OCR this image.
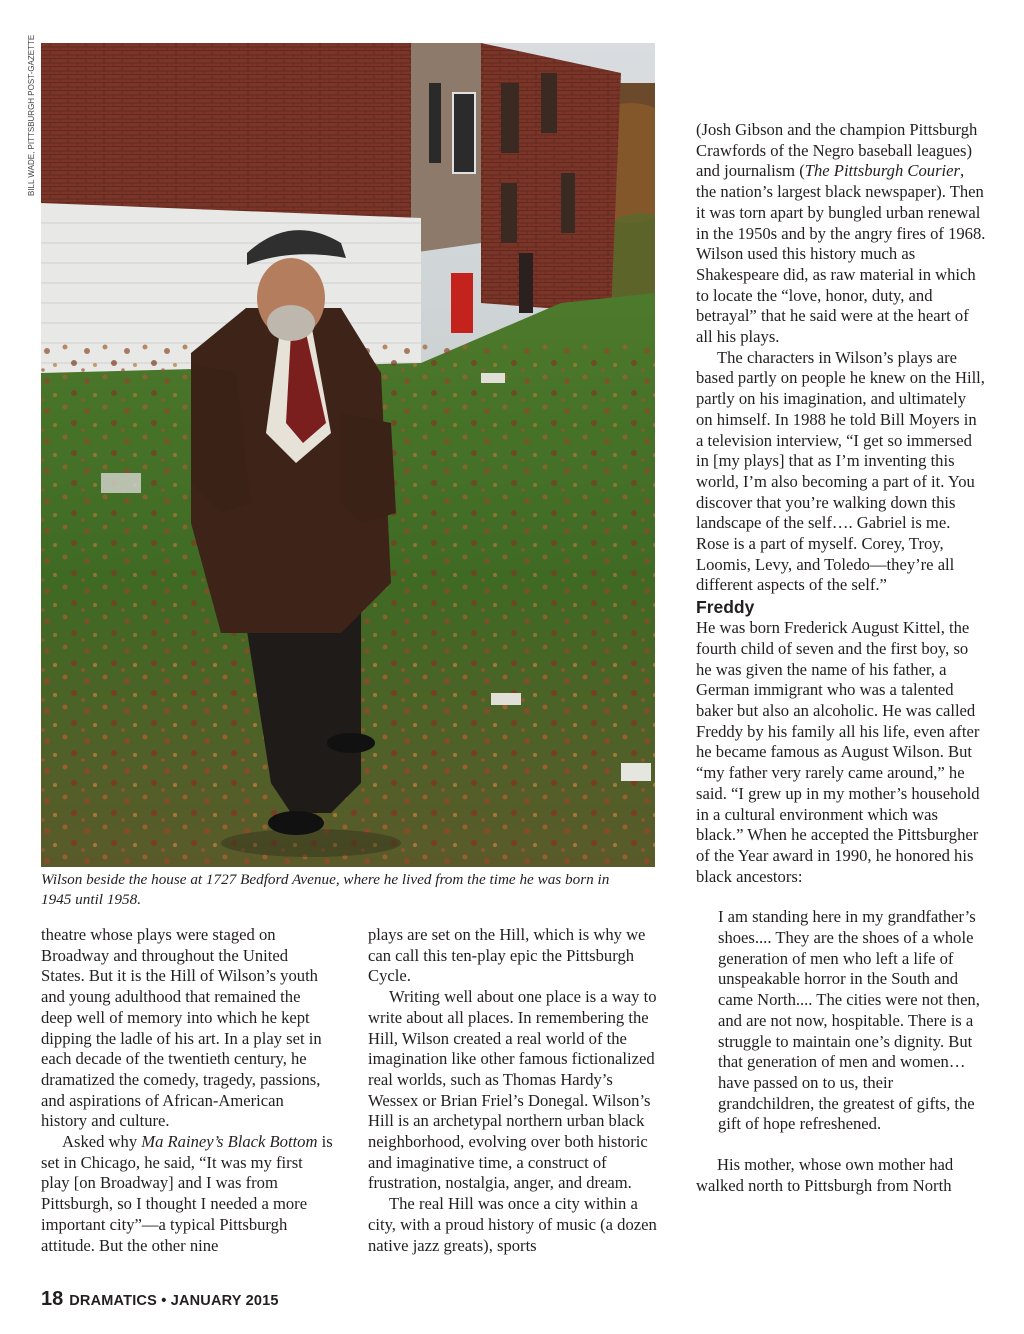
BILL WADE, PITTSBURGH POST-GAZETTE
Wilson beside the house at 1727 Bedford Avenue, where he lived from the time he was born in 1945 until 1958.

theatre whose plays were staged on Broadway and throughout the United States. But it is the Hill of Wilson’s youth and young adulthood that remained the deep well of memory into which he kept dipping the ladle of his art. In a play set in each decade of the twentieth century, he dramatized the comedy, tragedy, passions, and aspirations of African-American history and culture.

Asked why Ma Rainey’s Black Bottom is set in Chicago, he said, “It was my first play [on Broadway] and I was from Pittsburgh, so I thought I needed a more important city”—a typical Pittsburgh attitude. But the other nine

plays are set on the Hill, which is why we can call this ten-play epic the Pittsburgh Cycle.

Writing well about one place is a way to write about all places. In remembering the Hill, Wilson created a real world of the imagination like other famous fictionalized real worlds, such as Thomas Hardy’s Wessex or Brian Friel’s Donegal. Wilson’s Hill is an archetypal northern urban black neighborhood, evolving over both historic and imaginative time, a construct of frustration, nostalgia, anger, and dream.

The real Hill was once a city within a city, with a proud history of music (a dozen native jazz greats), sports

(Josh Gibson and the champion Pittsburgh Crawfords of the Negro baseball leagues) and journalism (The Pittsburgh Courier, the nation’s largest black newspaper). Then it was torn apart by bungled urban renewal in the 1950s and by the angry fires of 1968. Wilson used this history much as Shakespeare did, as raw material in which to locate the “love, honor, duty, and betrayal” that he said were at the heart of all his plays.

The characters in Wilson’s plays are based partly on people he knew on the Hill, partly on his imagination, and ultimately on himself. In 1988 he told Bill Moyers in a television interview, “I get so immersed in [my plays] that as I’m inventing this world, I’m also becoming a part of it. You discover that you’re walking down this landscape of the self…. Gabriel is me. Rose is a part of myself. Corey, Troy, Loomis, Levy, and Toledo—they’re all different aspects of the self.”

Freddy

He was born Frederick August Kittel, the fourth child of seven and the first boy, so he was given the name of his father, a German immigrant who was a talented baker but also an alcoholic. He was called Freddy by his family all his life, even after he became famous as August Wilson. But “my father very rarely came around,” he said. “I grew up in my mother’s household in a cultural environment which was black.” When he accepted the Pittsburgher of the Year award in 1990, he honored his black ancestors:

I am standing here in my grandfather’s shoes.... They are the shoes of a whole generation of men who left a life of unspeakable horror in the South and came North.... The cities were not then, and are not now, hospitable. There is a struggle to maintain one’s dignity. But that generation of men and women… have passed on to us, their grandchildren, the greatest of gifts, the gift of hope refreshened.

His mother, whose own mother had walked north to Pittsburgh from North

18 DRAMATICS • JANUARY 2015
